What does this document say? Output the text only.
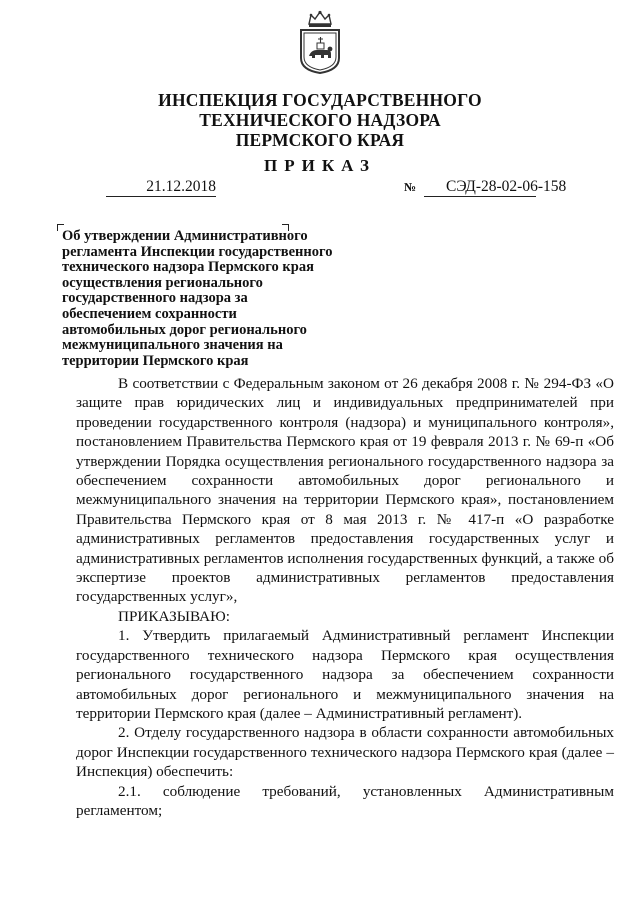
ИНСПЕКЦИЯ ГОСУДАРСТВЕННОГО
ТЕХНИЧЕСКОГО НАДЗОРА
ПЕРМСКОГО КРАЯ
ПРИКАЗ
21.12.2018	№	СЭД-28-02-06-158
Об утверждении Административного
регламента Инспекции государственного
технического надзора Пермского края
осуществления регионального
государственного надзора за
обеспечением сохранности
автомобильных дорог регионального
межмуниципального значения на
территории Пермского края

В соответствии с Федеральным законом от 26 декабря 2008 г. № 294-ФЗ «О защите прав юридических лиц и индивидуальных предпринимателей при проведении государственного контроля (надзора) и муниципального контроля», постановлением Правительства Пермского края от 19 февраля 2013 г. № 69-п «Об утверждении Порядка осуществления регионального государственного надзора за обеспечением сохранности автомобильных дорог регионального и межмуниципального значения на территории Пермского края», постановлением Правительства Пермского края от 8 мая 2013 г. № 417-п «О разработке административных регламентов предоставления государственных услуг и административных регламентов исполнения государственных функций, а также об экспертизе проектов административных регламентов предоставления государственных услуг»,

ПРИКАЗЫВАЮ:

1. Утвердить прилагаемый Административный регламент Инспекции государственного технического надзора Пермского края осуществления регионального государственного надзора за обеспечением сохранности автомобильных дорог регионального и межмуниципального значения на территории Пермского края (далее – Административный регламент).

2. Отделу государственного надзора в области сохранности автомобильных дорог Инспекции государственного технического надзора Пермского края (далее – Инспекция) обеспечить:

2.1. соблюдение требований, установленных Административным регламентом;
